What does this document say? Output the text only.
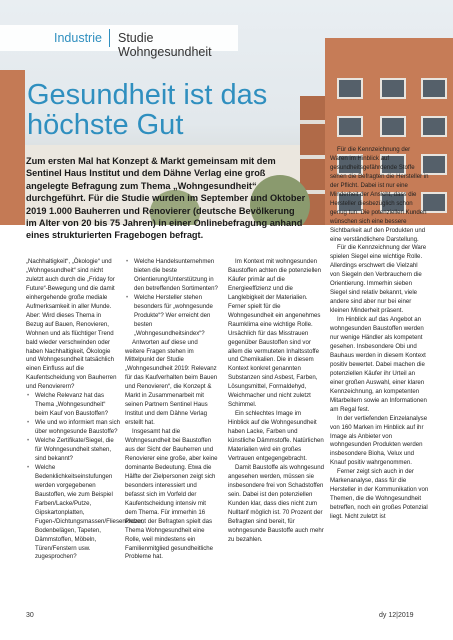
Industrie Studie Wohngesundheit
Gesundheit ist das höchste Gut
Zum ersten Mal hat Konzept & Markt gemeinsam mit dem Sentinel Haus Institut und dem Dähne Verlag eine groß angelegte Befragung zum Thema „Wohngesundheit“ durchgeführt. Für die Studie wurden im September und Oktober 2019 1.000 Bauherren und Renovierer (deutsche Bevölkerung im Alter von 20 bis 75 Jahren) in einer Onlinebefragung anhand eines strukturierten Fragebogen befragt.

„Nachhaltigkeit“, „Ökologie“ und „Wohngesundheit“ sind nicht zuletzt auch durch die „Friday for Future“-Bewegung und die damit einhergehende große mediale Aufmerksamkeit in aller Munde. Aber: Wird dieses Thema in Bezug auf Bauen, Renovieren, Wohnen und als flüchtiger Trend bald wieder verschwinden oder haben Nachhaltigkeit, Ökologie und Wohngesundheit tatsächlich einen Einfluss auf die Kaufentscheidung von Bauherren und Renovierern?

• Welche Relevanz hat das Thema „Wohngesundheit“ beim Kauf von Baustoffen?
• Wie und wo informiert man sich über wohngesunde Baustoffe?
• Welche Zertifikate/Siegel, die für Wohngesundheit stehen, sind bekannt?
• Welche Bedenklichkeitseinstufungen werden vorgegebenen Baustoffen, wie zum Beispiel Farben/Lacke/Putze, Gipskartonplatten, Fugen-/Dichtungsmassen/Fliesenkleber, Bodenbelägen, Tapeten, Dämmstoffen, Möbeln, Türen/Fenstern usw. zugesprochen?
• Welche Handelsunternehmen bieten die beste Orientierung/Unterstützung in den betreffenden Sortimenten?
• Welche Hersteller stehen besonders für „wohngesunde Produkte“? Wer erreicht den besten „Wohngesundheitsindex“?

Antworten auf diese und weitere Fragen stehen im Mittelpunkt der Studie „Wohngesundheit 2019: Relevanz für das Kaufverhalten beim Bauen und Renovieren“, die Konzept & Markt in Zusammenarbeit mit seinen Partnern Sentinel Haus Institut und dem Dähne Verlag erstellt hat.

Insgesamt hat die Wohngesundheit bei Baustoffen aus der Sicht der Bauherren und Renovierer eine große, aber keine dominante Bedeutung. Etwa die Hälfte der Zielpersonen zeigt sich besonders interessiert und befasst sich im Vorfeld der Kaufentscheidung intensiv mit dem Thema. Für immerhin 16 Prozent der Befragten spielt das Thema Wohngesundheit eine Rolle, weil mindestens ein Familienmitglied gesundheitliche Probleme hat.

Im Kontext mit wohngesunden Baustoffen achten die potenziellen Käufer primär auf die Energieeffizienz und die Langlebigkeit der Materialien. Ferner spielt für die Wohngesundheit ein angenehmes Raumklima eine wichtige Rolle. Ursächlich für das Misstrauen gegenüber Baustoffen sind vor allem die vermuteten Inhaltsstoffe und Chemikalien. Die in diesem Kontext konkret genannten Substanzen sind Asbest, Farben, Lösungsmittel, Formaldehyd, Weichmacher und nicht zuletzt Schimmel.

Ein schlechtes Image im Hinblick auf die Wohngesundheit haben Lacke, Farben und künstliche Dämmstoffe. Natürlichen Materialien wird ein großes Vertrauen entgegengebracht.

Damit Baustoffe als wohngesund angesehen werden, müssen sie insbesondere frei von Schadstoffen sein. Dabei ist den potenziellen Kunden klar, dass dies nicht zum Nulltarif möglich ist. 70 Prozent der Befragten sind bereit, für wohngesunde Baustoffe auch mehr zu bezahlen.

Für die Kennzeichnung der Waren im Hinblick auf gesundheitsgefährdende Stoffe sehen die Befragten die Hersteller in der Pflicht. Dabei ist nur eine Minderheit der Ansicht, dass die Hersteller diesbezüglich schon genug tun. Die potenziellen Kunden wünschen sich eine bessere Sichtbarkeit auf den Produkten und eine verständlichere Darstellung.

Für die Kennzeichnung der Ware spielen Siegel eine wichtige Rolle. Allerdings erschwert die Vielzahl von Siegeln den Verbrauchern die Orientierung. Immerhin sieben Siegel sind relativ bekannt, viele andere sind aber nur bei einer kleinen Minderheit präsent.

Im Hinblick auf das Angebot an wohngesunden Baustoffen werden nur wenige Händler als kompetent gesehen. Insbesondere Obi und Bauhaus werden in diesem Kontext positiv bewertet. Dabei machen die potenziellen Käufer ihr Urteil an einer großen Auswahl, einer klaren Kennzeichnung, an kompetenten Mitarbeitern sowie an Informationen am Regal fest.

In der vertiefenden Einzelanalyse von 160 Marken im Hinblick auf ihr Image als Anbieter von wohngesunden Produkten werden insbesondere Bioha, Velux und Knauf positiv wahrgenommen.

Ferner zeigt sich auch in der Markenanalyse, dass für die Hersteller in der Kommunikation von Themen, die die Wohngesundheit betreffen, noch ein großes Potenzial liegt. Nicht zuletzt ist

30	dy 12|2019
